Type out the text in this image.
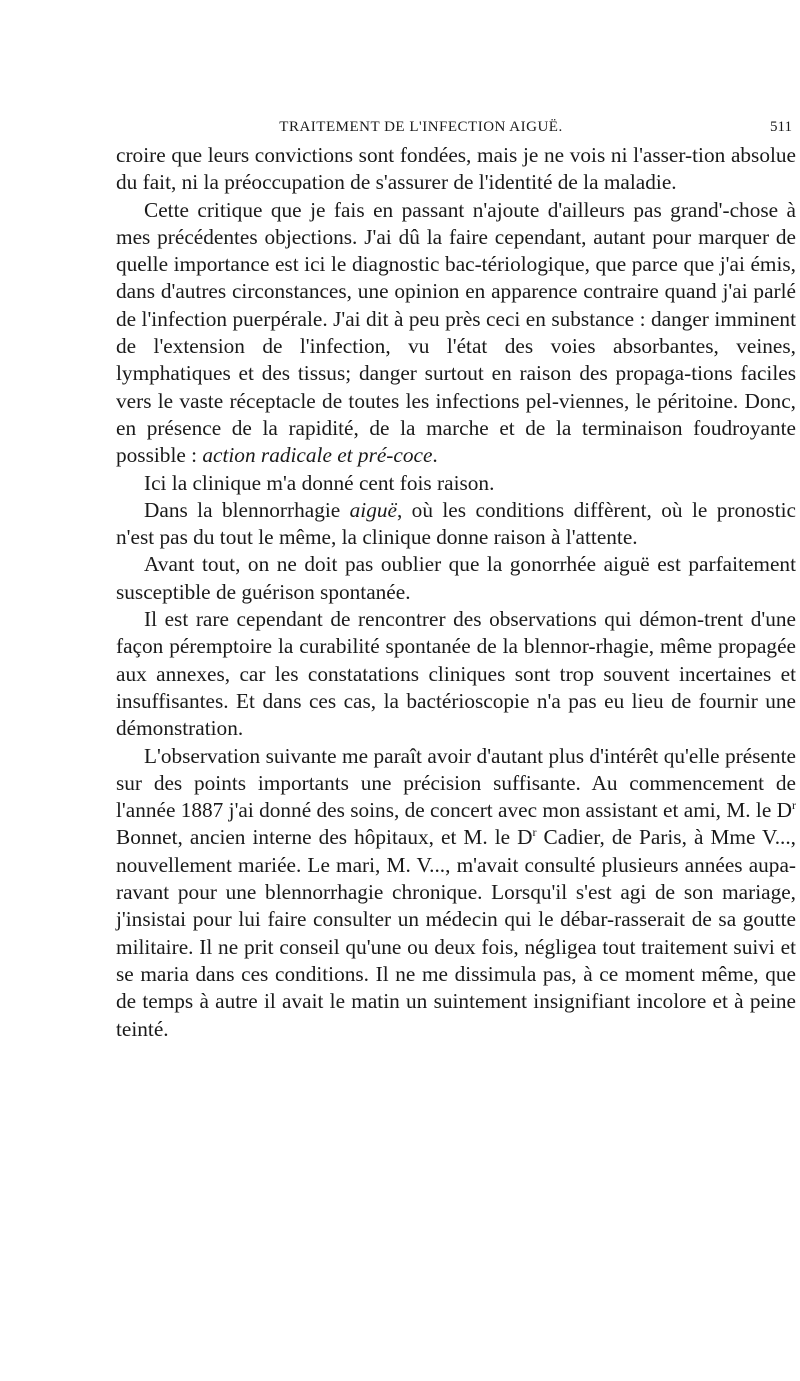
TRAITEMENT DE L'INFECTION AIGUË.	511

croire que leurs convictions sont fondées, mais je ne vois ni l'asser-tion absolue du fait, ni la préoccupation de s'assurer de l'identité de la maladie.

Cette critique que je fais en passant n'ajoute d'ailleurs pas grand'-chose à mes précédentes objections. J'ai dû la faire cependant, autant pour marquer de quelle importance est ici le diagnostic bac-tériologique, que parce que j'ai émis, dans d'autres circonstances, une opinion en apparence contraire quand j'ai parlé de l'infection puerpérale. J'ai dit à peu près ceci en substance : danger imminent de l'extension de l'infection, vu l'état des voies absorbantes, veines, lymphatiques et des tissus; danger surtout en raison des propaga-tions faciles vers le vaste réceptacle de toutes les infections pel-viennes, le péritoine. Donc, en présence de la rapidité, de la marche et de la terminaison foudroyante possible : action radicale et pré-coce.

Ici la clinique m'a donné cent fois raison.

Dans la blennorrhagie aiguë, où les conditions diffèrent, où le pronostic n'est pas du tout le même, la clinique donne raison à l'attente.

Avant tout, on ne doit pas oublier que la gonorrhée aiguë est parfaitement susceptible de guérison spontanée.

Il est rare cependant de rencontrer des observations qui démon-trent d'une façon péremptoire la curabilité spontanée de la blennor-rhagie, même propagée aux annexes, car les constatations cliniques sont trop souvent incertaines et insuffisantes. Et dans ces cas, la bactérioscopie n'a pas eu lieu de fournir une démonstration.

L'observation suivante me paraît avoir d'autant plus d'intérêt qu'elle présente sur des points importants une précision suffisante. Au commencement de l'année 1887 j'ai donné des soins, de concert avec mon assistant et ami, M. le $D^r$ Bonnet, ancien interne des hôpitaux, et M. le $D^r$ Cadier, de Paris, à Mme V..., nouvellement mariée. Le mari, M. V..., m'avait consulté plusieurs années aupa-ravant pour une blennorrhagie chronique. Lorsqu'il s'est agi de son mariage, j'insistai pour lui faire consulter un médecin qui le débar-rasserait de sa goutte militaire. Il ne prit conseil qu'une ou deux fois, négligea tout traitement suivi et se maria dans ces conditions. Il ne me dissimula pas, à ce moment même, que de temps à autre il avait le matin un suintement insignifiant incolore et à peine teinté.
